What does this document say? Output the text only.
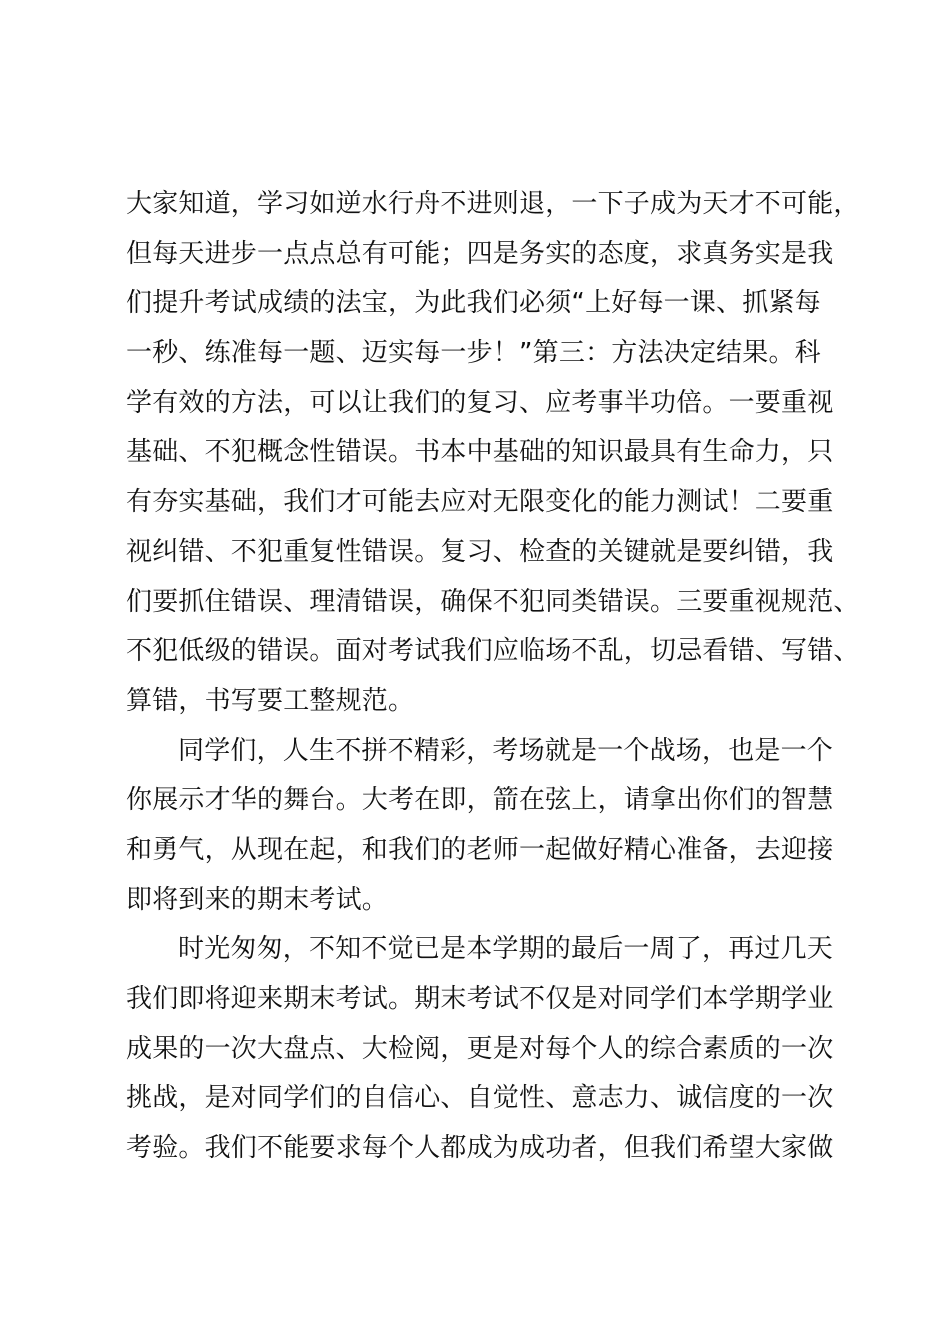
大家知道，学习如逆水行舟不进则退，一下子成为天才不可能，
但每天进步一点点总有可能；四是务实的态度，求真务实是我
们提升考试成绩的法宝，为此我们必须“上好每一课、抓紧每
一秒、练准每一题、迈实每一步！”第三：方法决定结果。科
学有效的方法，可以让我们的复习、应考事半功倍。一要重视
基础、不犯概念性错误。书本中基础的知识最具有生命力，只
有夯实基础，我们才可能去应对无限变化的能力测试！二要重
视纠错、不犯重复性错误。复习、检查的关键就是要纠错，我
们要抓住错误、理清错误，确保不犯同类错误。三要重视规范、
不犯低级的错误。面对考试我们应临场不乱，切忌看错、写错、
算错，书写要工整规范。
同学们，人生不拼不精彩，考场就是一个战场，也是一个
你展示才华的舞台。大考在即，箭在弦上，请拿出你们的智慧
和勇气，从现在起，和我们的老师一起做好精心准备，去迎接
即将到来的期末考试。
时光匆匆，不知不觉已是本学期的最后一周了，再过几天
我们即将迎来期末考试。期末考试不仅是对同学们本学期学业
成果的一次大盘点、大检阅，更是对每个人的综合素质的一次
挑战，是对同学们的自信心、自觉性、意志力、诚信度的一次
考验。我们不能要求每个人都成为成功者，但我们希望大家做
